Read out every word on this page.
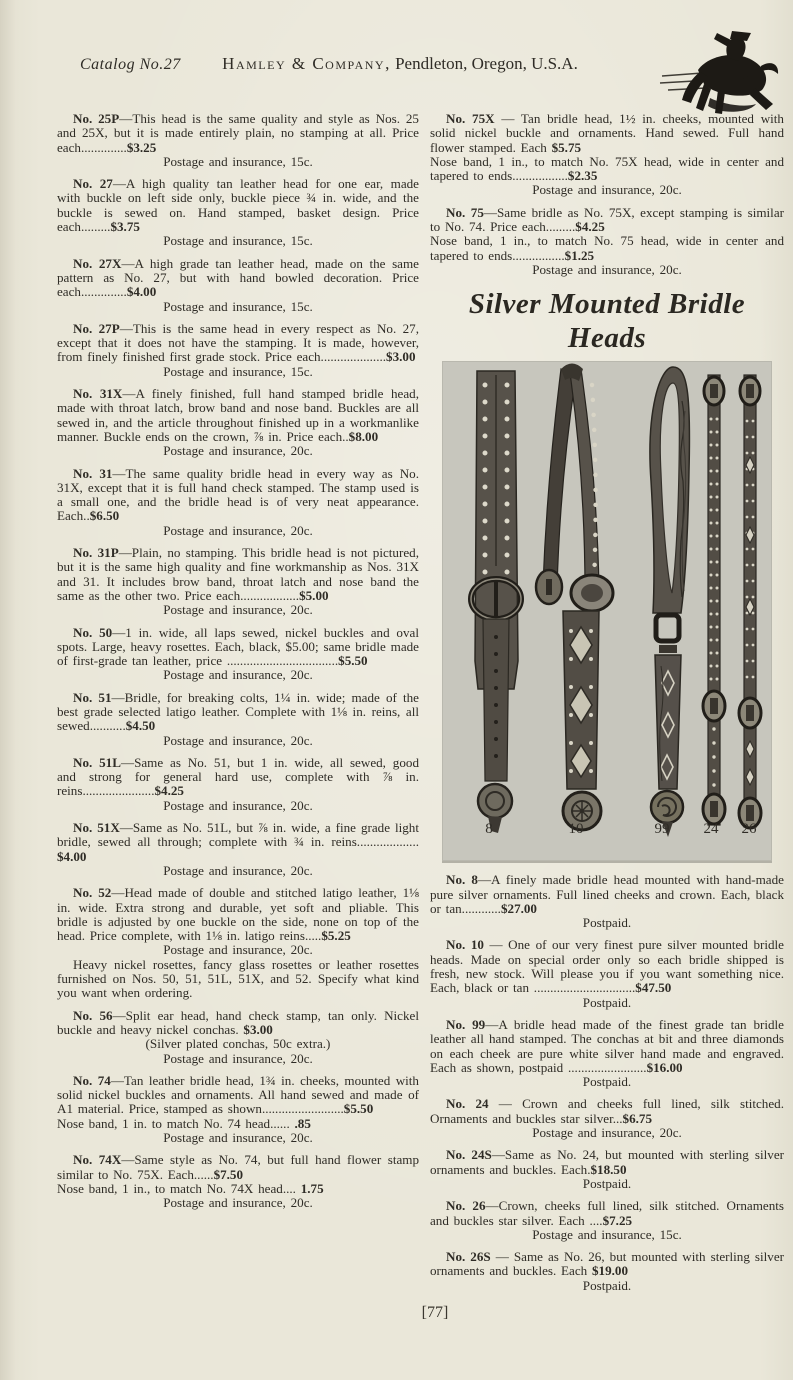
Catalog No.27	Hamley & Company, Pendleton, Oregon, U.S.A.

No. 25P—This head is the same quality and style as Nos. 25 and 25X, but it is made entirely plain, no stamping at all. Price each..............$3.25

Postage and insurance, 15c.

No. 27—A high quality tan leather head for one ear, made with buckle on left side only, buckle piece ¾ in. wide, and the buckle is sewed on. Hand stamped, basket design. Price each.........$3.75

Postage and insurance, 15c.

No. 27X—A high grade tan leather head, made on the same pattern as No. 27, but with hand bowled decoration. Price each..............$4.00

Postage and insurance, 15c.

No. 27P—This is the same head in every respect as No. 27, except that it does not have the stamping. It is made, however, from finely finished first grade stock. Price each....................$3.00

Postage and insurance, 15c.

No. 31X—A finely finished, full hand stamped bridle head, made with throat latch, brow band and nose band. Buckles are all sewed in, and the article throughout finished up in a workmanlike manner. Buckle ends on the crown, ⅞ in. Price each..$8.00

Postage and insurance, 20c.

No. 31—The same quality bridle head in every way as No. 31X, except that it is full hand check stamped. The stamp used is a small one, and the bridle head is of very neat appearance. Each..$6.50

Postage and insurance, 20c.

No. 31P—Plain, no stamping. This bridle head is not pictured, but it is the same high quality and fine workmanship as Nos. 31X and 31. It includes brow band, throat latch and nose band the same as the other two. Price each..................$5.00

Postage and insurance, 20c.

No. 50—1 in. wide, all laps sewed, nickel buckles and oval spots. Large, heavy rosettes. Each, black, $5.00; same bridle made of first-grade tan leather, price ..................................$5.50

Postage and insurance, 20c.

No. 51—Bridle, for breaking colts, 1¼ in. wide; made of the best grade selected latigo leather. Complete with 1⅛ in. reins, all sewed...........$4.50

Postage and insurance, 20c.

No. 51L—Same as No. 51, but 1 in. wide, all sewed, good and strong for general hard use, complete with ⅞ in. reins......................$4.25

Postage and insurance, 20c.

No. 51X—Same as No. 51L, but ⅞ in. wide, a fine grade light bridle, sewed all through; complete with ¾ in. reins................... $4.00

Postage and insurance, 20c.

No. 52—Head made of double and stitched latigo leather, 1⅛ in. wide. Extra strong and durable, yet soft and pliable. This bridle is adjusted by one buckle on the side, none on top of the head. Price complete, with 1⅛ in. latigo reins.....$5.25

Postage and insurance, 20c.

Heavy nickel rosettes, fancy glass rosettes or leather rosettes furnished on Nos. 50, 51, 51L, 51X, and 52. Specify what kind you want when ordering.

No. 56—Split ear head, hand check stamp, tan only. Nickel buckle and heavy nickel conchas. $3.00

(Silver plated conchas, 50c extra.)

Postage and insurance, 20c.

No. 74—Tan leather bridle head, 1¾ in. cheeks, mounted with solid nickel buckles and ornaments. All hand sewed and made of A1 material. Price, stamped as shown.........................$5.50

Nose band, 1 in. to match No. 74 head...... .85

Postage and insurance, 20c.

No. 74X—Same style as No. 74, but full hand flower stamp similar to No. 75X. Each......$7.50

Nose band, 1 in., to match No. 74X head.... 1.75

Postage and insurance, 20c.

No. 75X — Tan bridle head, 1½ in. cheeks, mounted with solid nickel buckle and ornaments. Hand sewed. Full hand flower stamped. Each $5.75

Nose band, 1 in., to match No. 75X head, wide in center and tapered to ends.................$2.35

Postage and insurance, 20c.

No. 75—Same bridle as No. 75X, except stamping is similar to No. 74. Price each.........$4.25

Nose band, 1 in., to match No. 75 head, wide in center and tapered to ends................$1.25

Postage and insurance, 20c.

Silver Mounted Bridle Heads
8	10	99 24 26

No. 8—A finely made bridle head mounted with hand-made pure silver ornaments. Full lined cheeks and crown. Each, black or tan............$27.00

Postpaid.

No. 10 — One of our very finest pure silver mounted bridle heads. Made on special order only so each bridle shipped is fresh, new stock. Will please you if you want something nice. Each, black or tan ...............................$47.50

Postpaid.

No. 99—A bridle head made of the finest grade tan bridle leather all hand stamped. The conchas at bit and three diamonds on each cheek are pure white silver hand made and engraved. Each as shown, postpaid ........................$16.00

Postpaid.

No. 24 — Crown and cheeks full lined, silk stitched. Ornaments and buckles star silver...$6.75

Postage and insurance, 20c.

No. 24S—Same as No. 24, but mounted with sterling silver ornaments and buckles. Each.$18.50

Postpaid.

No. 26—Crown, cheeks full lined, silk stitched. Ornaments and buckles star silver. Each ....$7.25

Postage and insurance, 15c.

No. 26S — Same as No. 26, but mounted with sterling silver ornaments and buckles. Each $19.00

Postpaid.

[77]
